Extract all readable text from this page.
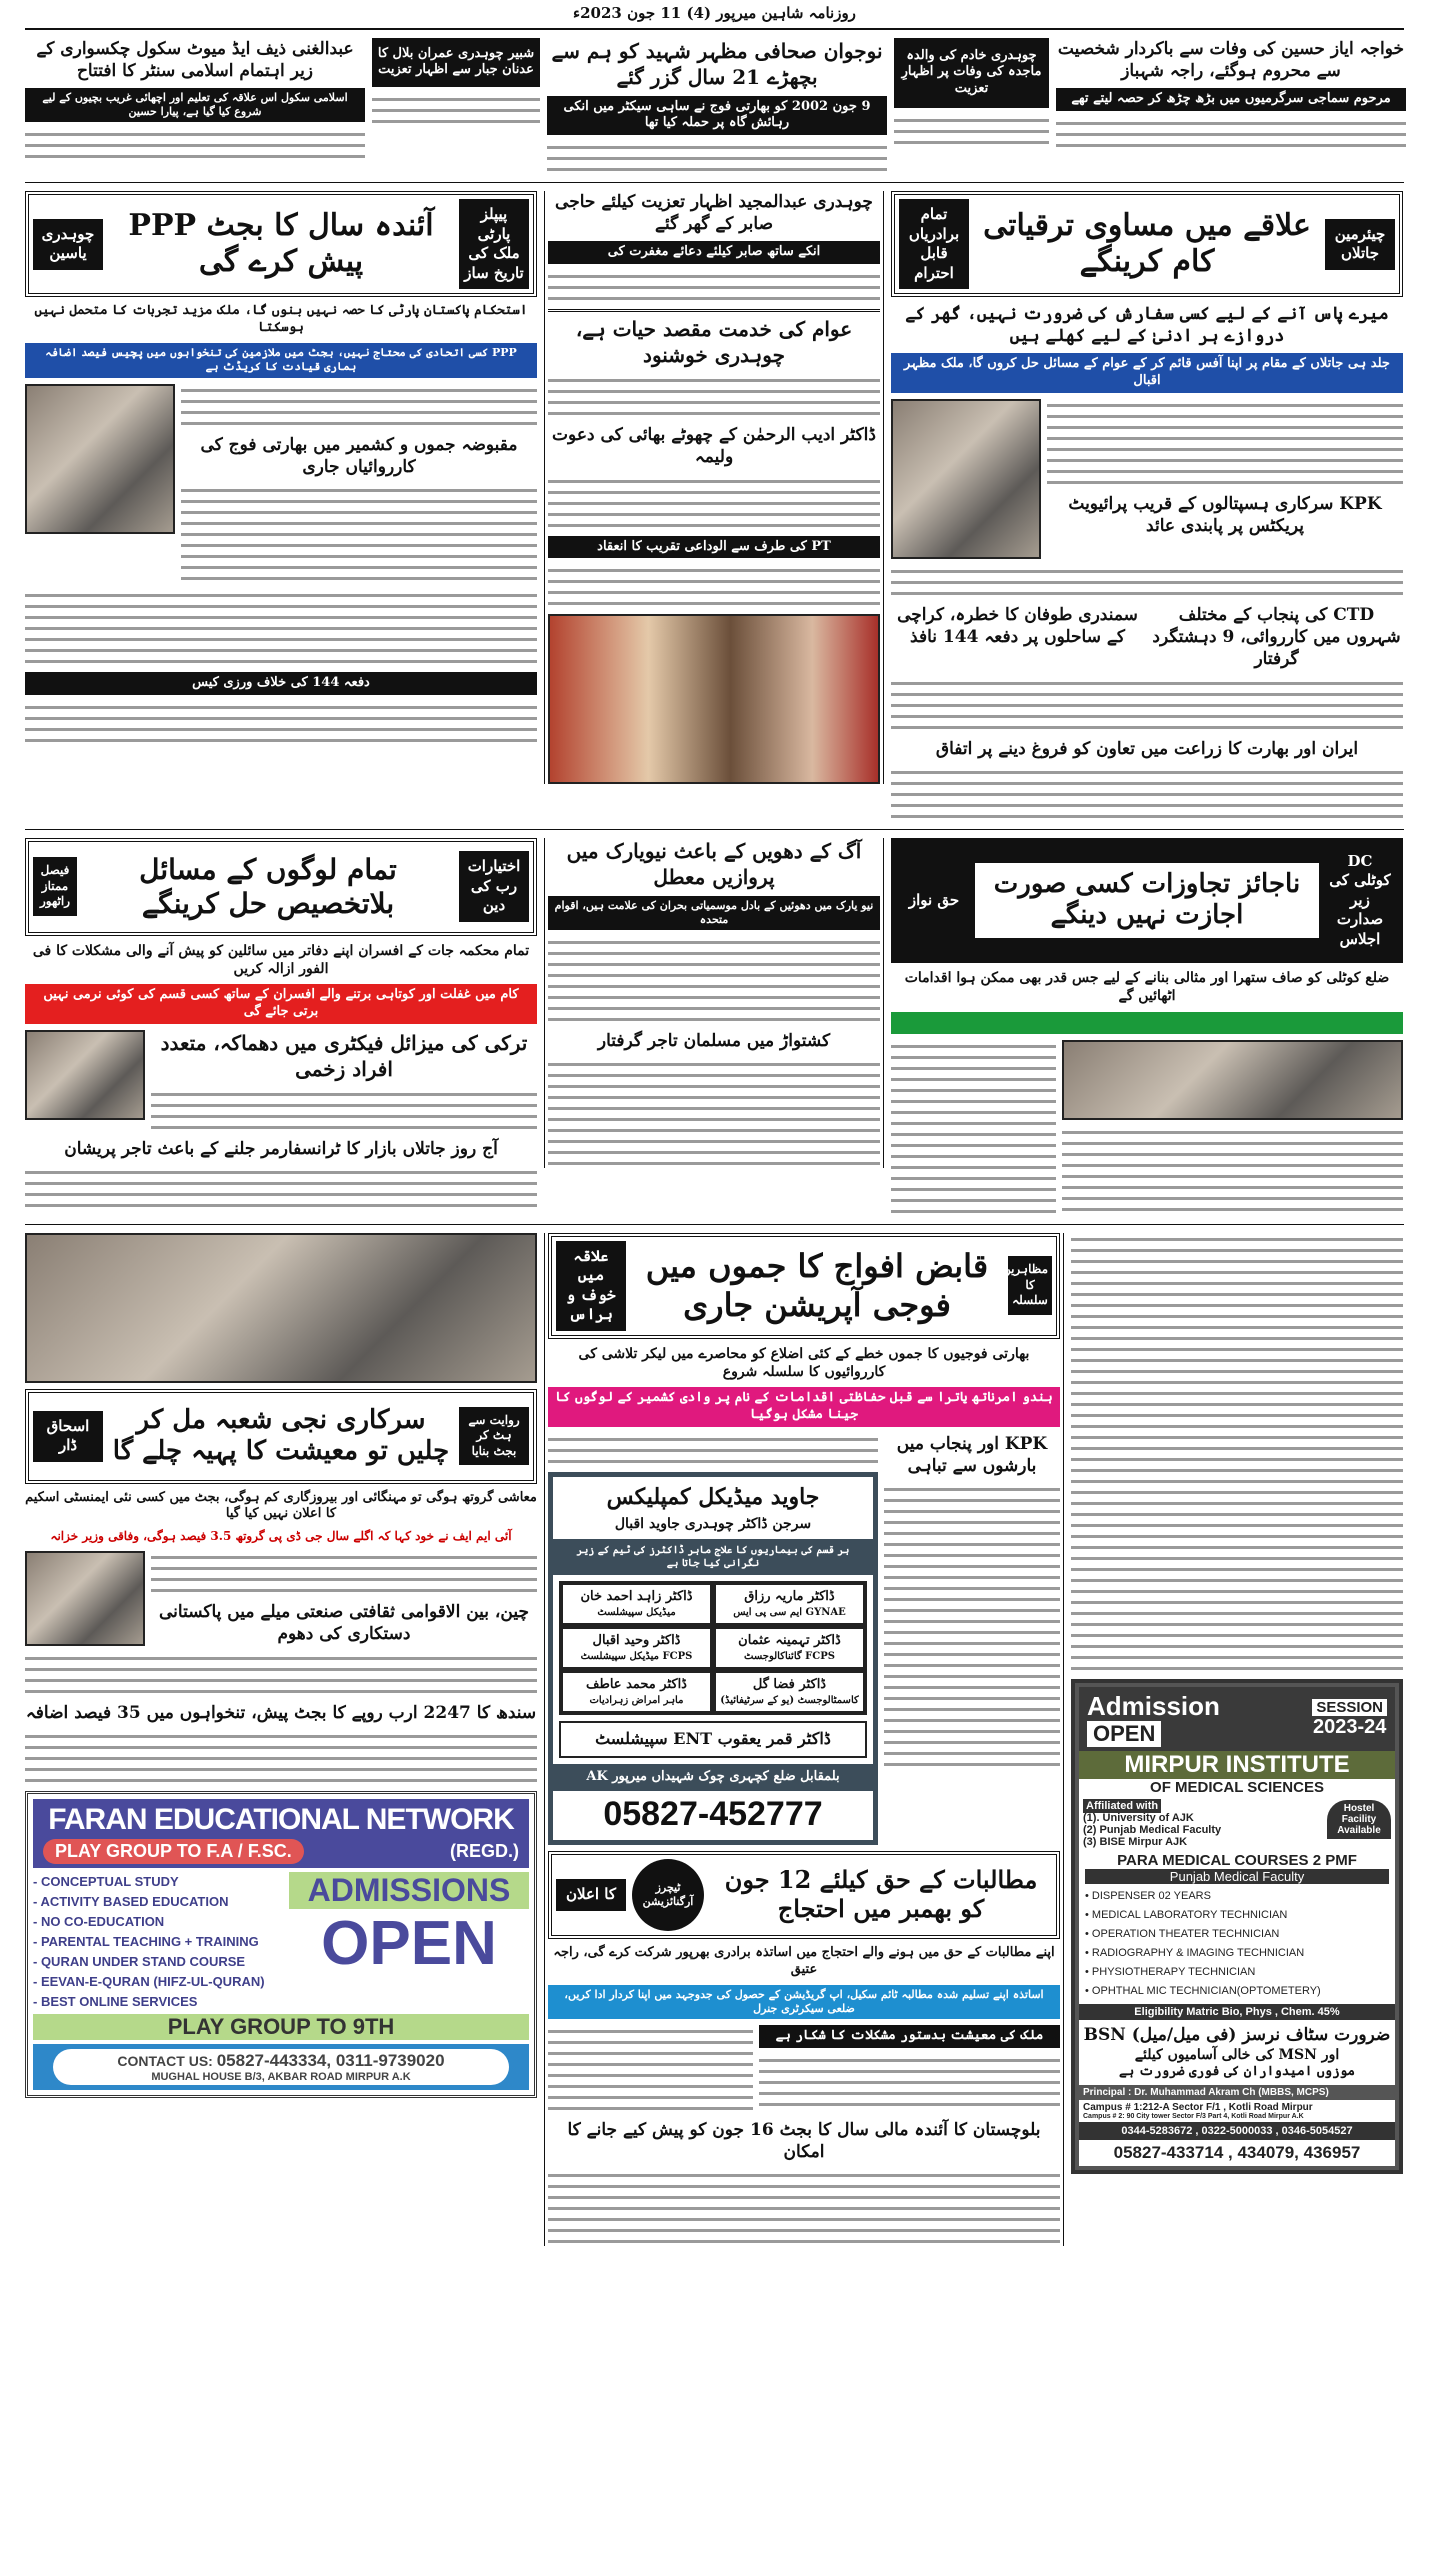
روزنامہ شاہین میرپور (4) 11 جون 2023ء
عبدالغنی ذیف ایڈ میوٹ سکول چکسواری کے زیر اہتمام اسلامی سنٹر کا افتتاح
اسلامی سکول اس علاقہ کی تعلیم اور اچھائی غریب بچیوں کے لیے شروع کیا گیا ہے، پیارا حسین
شبیر چوہدری عمران بلال کا عدنان جبار سے اظہار تعزیت
نوجوان صحافی مظہر شہید کو ہم سے بچھڑے 21 سال گزر گئے
9 جون 2002 کو بھارتی فوج نے ساہی سیکٹر میں انکی رہائش گاہ پر حملہ کیا تھا
چوہدری خادم کی والدہ ماجدہ کی وفات پر اظہارِ تعزیت
خواجہ ایاز حسین کی وفات سے باکردار شخصیت سے محروم ہوگئے، راجہ شہباز
مرحوم سماجی سرگرمیوں میں بڑھ چڑھ کر حصہ لیتے تھے
چوہدری یاسین
آئندہ سال کا بجٹ PPP پیش کرے گی
پیپلز پارٹی ملک کی تاریخ ساز
استحکام پاکستان پارٹی کا حصہ نہیں بنوں گا، ملک مزید تجربات کا متحمل نہیں ہوسکتا
PPP کسی اتحادی کی محتاج نہیں، بجٹ میں ملازمین کی تنخواہوں میں پچیس فیصد اضافہ ہماری قیادت کا کریڈٹ ہے
مقبوضہ جموں و کشمیر میں بھارتی فوج کی کارروائیاں جاری
دفعہ 144 کی خلاف ورزی کیس
چوہدری عبدالمجید اظہار تعزیت کیلئے حاجی صابر کے گھر گئے
انکے ساتھ صابر کیلئے دعائے مغفرت کی
عوام کی خدمت مقصد حیات ہے، چوہدری خوشنود
ڈاکٹر ادیب الرحمٰن کے چھوٹے بھائی کی دعوت ولیمہ
PT کی طرف سے الوداعی تقریب کا انعقاد
تمام برادریاں قابل احترام
علاقے میں مساوی ترقیاتی کام کرینگے
چیئرمین جاتلاں
میرے پاس آنے کے لیے کسی سفارش کی ضرورت نہیں، گھر کے دروازے ہر ادنیٰ کے لیے کھلے ہیں
جلد ہی جاتلاں کے مقام پر اپنا آفس قائم کر کے عوام کے مسائل حل کروں گا، ملک مظہر اقبال
KPK سرکاری ہسپتالوں کے قریب پرائیویٹ پریکٹس پر پابندی عائد
سمندری طوفان کا خطرہ، کراچی کے ساحلوں پر دفعہ 144 نافذ
CTD کی پنجاب کے مختلف شہروں میں کارروائی، 9 دہشتگرد گرفتار
ایران اور بھارت کا زراعت میں تعاون کو فروغ دینے پر اتفاق
فیصل ممتاز راٹھور
تمام لوگوں کے مسائل بلاتخصیص حل کرینگے
اختیارات رب کی دین
تمام محکمہ جات کے افسران اپنے دفاتر میں سائلین کو پیش آنے والی مشکلات کا فی الفور ازالہ کریں
کام میں غفلت اور کوتاہی برتنے والے افسران کے ساتھ کسی قسم کی کوئی نرمی نہیں برتی جائے گی
ترکی کی میزائل فیکٹری میں دھماکہ، متعدد افراد زخمی
آج روز جاتلاں بازار کا ٹرانسفارمر جلنے کے باعث تاجر پریشان
آگ کے دھویں کے باعث نیویارک میں پروازیں معطل
نیو یارک میں دھوئیں کے بادل موسمیاتی بحران کی علامت ہیں، اقوام متحدہ
کشتواڑ میں مسلمان تاجر گرفتار
حق نواز
ناجائز تجاوزات کسی صورت اجازت نہیں دینگے
DC کوٹلی کی زیر صدارت اجلاس
ضلع کوٹلی کو صاف ستھرا اور مثالی بنانے کے لیے جس قدر بھی ممکن ہوا اقدامات اٹھائیں گے
اسحاق ڈار
سرکاری نجی شعبہ مل کر چلیں تو معیشت کا پہیہ چلے گا
روایت سے ہٹ کر بجٹ بنایا
معاشی گروتھ ہوگی تو مہنگائی اور بیروزگاری کم ہوگی، بجٹ میں کسی نئی ایمنسٹی اسکیم کا اعلان نہیں کیا گیا
آئی ایم ایف نے خود کہا کہ اگلے سال جی ڈی پی گروتھ 3.5 فیصد ہوگی، وفاقی وزیر خزانہ
چین، بین الاقوامی ثقافتی صنعتی میلے میں پاکستانی دستکاری کی دھوم
سندھ کا 2247 ارب روپے کا بجٹ پیش، تنخواہوں میں 35 فیصد اضافہ
FARAN EDUCATIONAL NETWORK
PLAY GROUP TO F.A / F.SC.	(REGD.)
- CONCEPTUAL STUDY
- ACTIVITY BASED EDUCATION
- NO CO-EDUCATION
- PARENTAL TEACHING + TRAINING
- QURAN UNDER STAND COURSE
- EEVAN-E-QURAN (HIFZ-UL-QURAN)
- BEST ONLINE SERVICES
ADMISSIONS
OPEN
PLAY GROUP TO 9TH
CONTACT US: 05827-443334, 0311-9739020
MUGHAL HOUSE B/3, AKBAR ROAD MIRPUR A.K
علاقہ میں خوف و ہراس
قابض افواج کا جموں میں فوجی آپریشن جاری
مظاہرین کا سلسلہ
بھارتی فوجیوں کا جموں خطے کے کئی اضلاع کو محاصرے میں لیکر تلاشی کی کارروائیوں کا سلسلہ شروع
ہندو امرناتھ یاترا سے قبل حفاظتی اقدامات کے نام پر وادی کشمیر کے لوگوں کا جینا مشکل ہوگیا
جاوید میڈیکل کمپلیکس
سرجن ڈاکٹر چوہدری جاوید اقبال
ہر قسم کی بیماریوں کا علاج ماہر ڈاکٹرز کی ٹیم کے زیر نگرانی کیا جاتا ہے
ڈاکٹر زاہد احمد خان
میڈیکل سپیشلسٹ
ڈاکٹر ماریہ رزاق
GYNAE ایم سی پی ایس
ڈاکٹر وحید اقبال
FCPS میڈیکل سپیشلسٹ
ڈاکٹر تہمینہ عثمان
FCPS گائناکالوجسٹ
ڈاکٹر محمد عاطف
ماہر امراض زہرادیات
ڈاکٹر فضا گل
کاسمٹالوجسٹ (یو کے سرٹیفائیڈ)
ڈاکٹر قمر یعقوب ENT سپیشلسٹ
بلمقابل ضلع کچہری چوک شہیداں میرپور AK
05827-452777
KPK اور پنجاب میں بارشوں سے تباہی
کا اعلان	ٹیچرز آرگنائزیشن
مطالبات کے حق کیلئے 12 جون کو بھمبر میں احتجاج
اپنے مطالبات کے حق میں ہونے والے احتجاج میں اساتذہ برادری بھرپور شرکت کرے گی، راجہ عتیق
اساتذہ اپنے تسلیم شدہ مطالبہ ٹائم سکیل، اپ گریڈیشن کے حصول کی جدوجہد میں اپنا کردار ادا کریں، ضلعی سیکرٹری جنرل
ملک کی معیشت بدستور مشکلات کا شکار ہے
بلوچستان کا آئندہ مالی سال کا بجٹ 16 جون کو پیش کیے جانے کا امکان
Admission
OPEN
SESSION
2023-24
MIRPUR INSTITUTE
OF MEDICAL SCIENCES
Affiliated with
(1). University of AJK
(2) Punjab Medical Faculty
(3) BISE Mirpur AJK
Hostel
Facility
Available
PARA MEDICAL COURSES 2 PMF
Punjab Medical Faculty
• DISPENSER 02 YEARS
• MEDICAL LABORATORY TECHNICIAN
• OPERATION THEATER TECHNICIAN
• RADIOGRAPHY & IMAGING TECHNICIAN
• PHYSIOTHERAPY TECHNICIAN
• OPHTHAL MIC TECHNICIAN(OPTOMETERY)
Eligibility Matric Bio, Phys , Chem. 45%
ضرورت سٹاف نرسز (فی میل/میل) BSN
اور MSN کی خالی آسامیوں کیلئے
موزوں امیدواران کی فوری ضرورت ہے
Principal : Dr. Muhammad Akram Ch (MBBS, MCPS)
Campus # 1:212-A Sector F/1 , Kotli Road Mirpur
Campus # 2: 90 City tower Sector F/3 Part 4, Kotli Road Mirpur A.K
0344-5283672 , 0322-5000033 , 0346-5054527
05827-433714 , 434079, 436957
